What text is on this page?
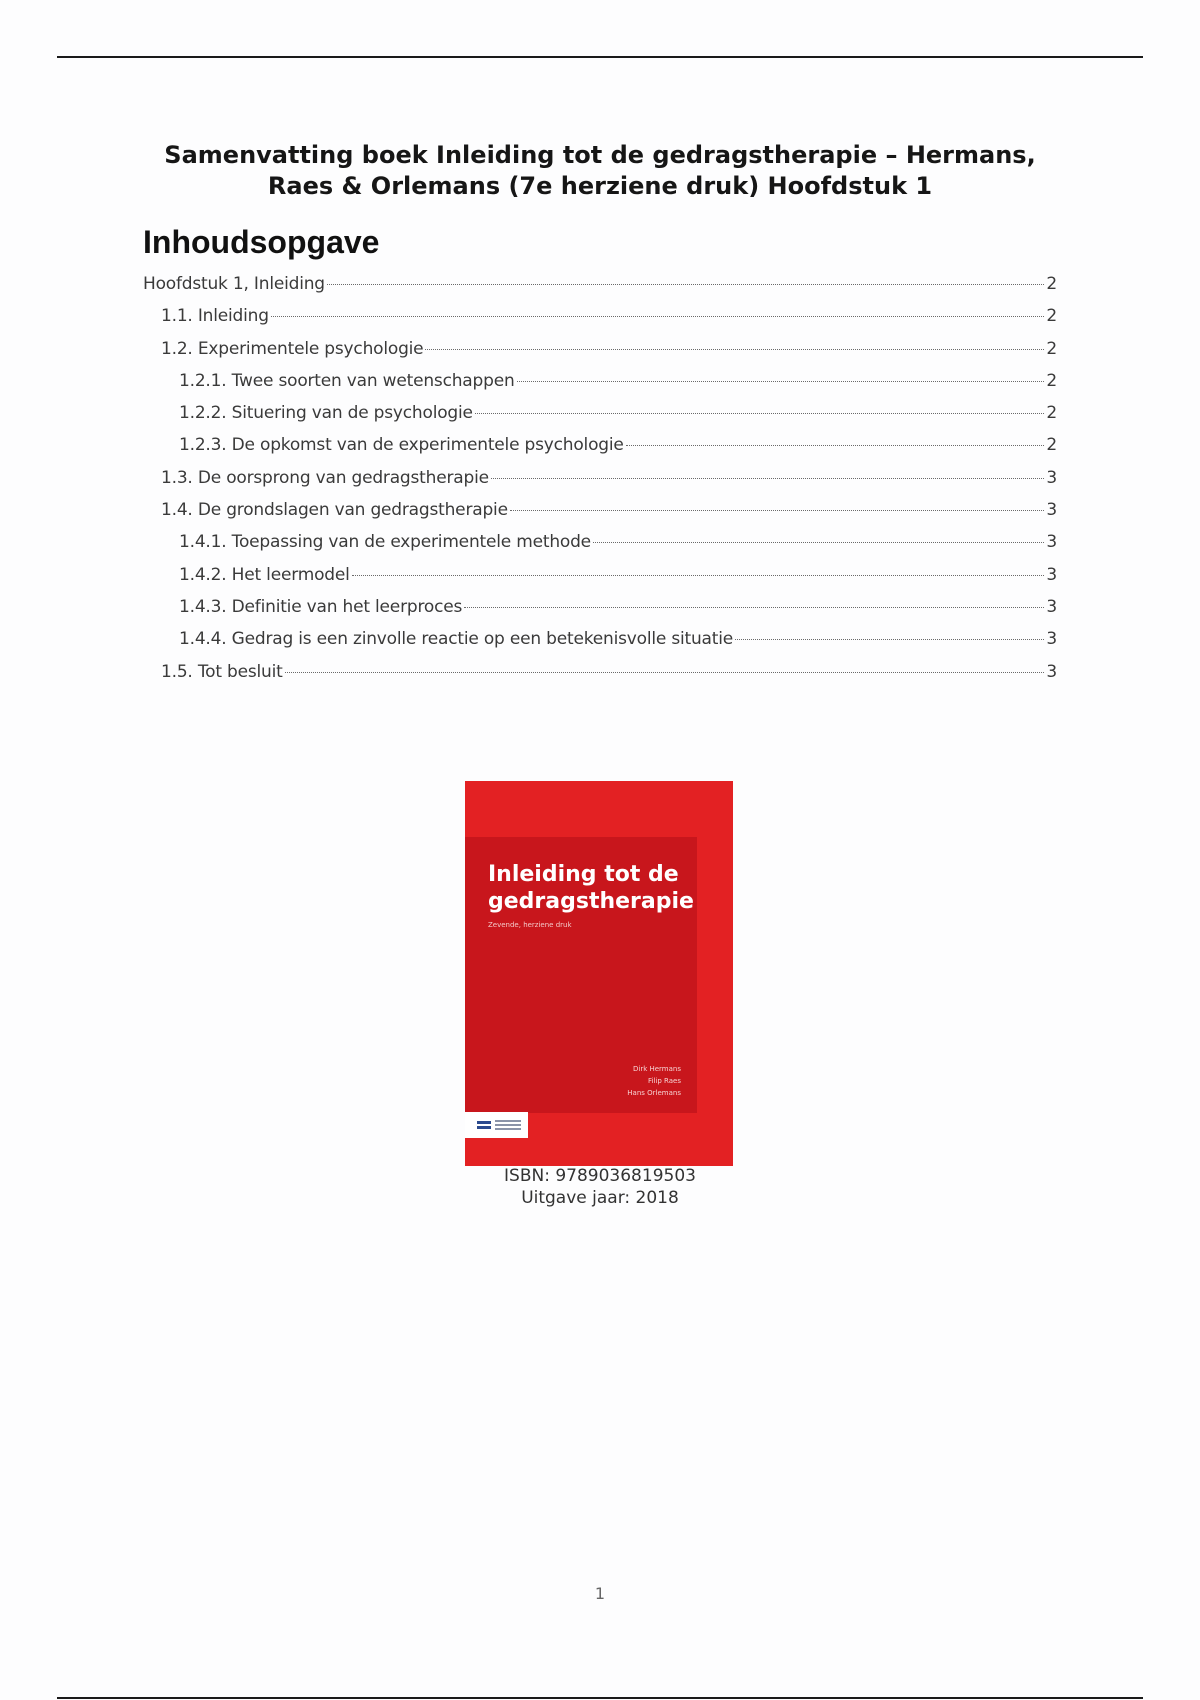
Samenvatting boek Inleiding tot de gedragstherapie – Hermans, Raes & Orlemans (7e herziene druk) Hoofdstuk 1
Inhoudsopgave
Hoofdstuk 1, Inleiding	2
1.1. Inleiding	2
1.2. Experimentele psychologie	2
1.2.1. Twee soorten van wetenschappen	2
1.2.2. Situering van de psychologie	2
1.2.3. De opkomst van de experimentele psychologie	2
1.3. De oorsprong van gedragstherapie	3
1.4. De grondslagen van gedragstherapie	3
1.4.1. Toepassing van de experimentele methode	3
1.4.2. Het leermodel	3
1.4.3. Definitie van het leerproces	3
1.4.4. Gedrag is een zinvolle reactie op een betekenisvolle situatie	3
1.5. Tot besluit	3
Inleiding tot de gedragstherapie
Zevende, herziene druk
Dirk Hermans
Filip Raes
Hans Orlemans
ISBN: 9789036819503
Uitgave jaar: 2018
1
